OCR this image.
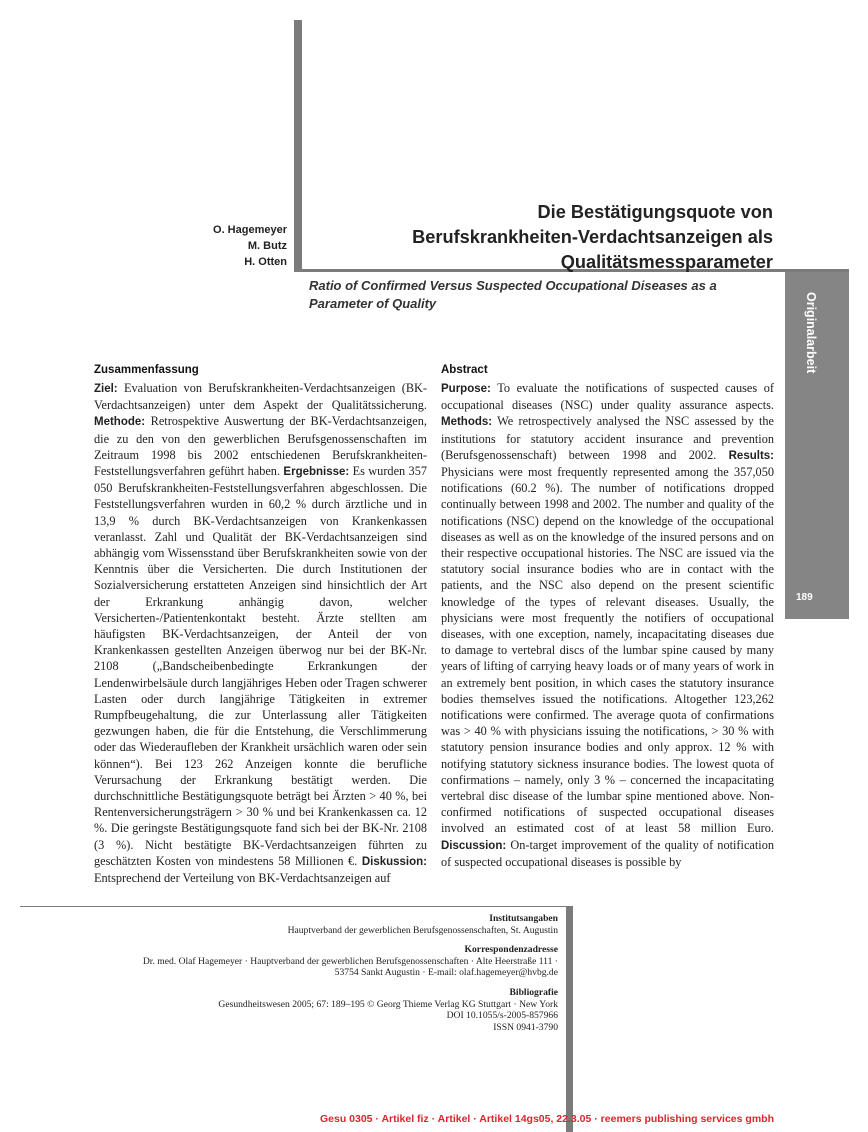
Originalarbeit
189
O. Hagemeyer
M. Butz
H. Otten
Die Bestätigungsquote von
Berufskrankheiten-Verdachtsanzeigen als
Qualitätsmessparameter
Ratio of Confirmed Versus Suspected Occupational Diseases as a Parameter of Quality
Zusammenfassung	Abstract
Ziel: Evaluation von Berufskrankheiten-Verdachtsanzeigen (BK-Verdachtsanzeigen) unter dem Aspekt der Qualitätssicherung. Methode: Retrospektive Auswertung der BK-Verdachtsanzeigen, die zu den von den gewerblichen Berufsgenossenschaften im Zeitraum 1998 bis 2002 entschiedenen Berufskrankheiten-Feststellungsverfahren geführt haben. Ergebnisse: Es wurden 357 050 Berufskrankheiten-Feststellungsverfahren abgeschlossen. Die Feststellungsverfahren wurden in 60,2 % durch ärztliche und in 13,9 % durch BK-Verdachtsanzeigen von Krankenkassen veranlasst. Zahl und Qualität der BK-Verdachtsanzeigen sind abhängig vom Wissensstand über Berufskrankheiten sowie von der Kenntnis über die Versicherten. Die durch Institutionen der Sozialversicherung erstatteten Anzeigen sind hinsichtlich der Art der Erkrankung anhängig davon, welcher Versicherten-/Patientenkontakt besteht. Ärzte stellten am häufigsten BK-Verdachtsanzeigen, der Anteil der von Krankenkassen gestellten Anzeigen überwog nur bei der BK-Nr. 2108 („Bandscheibenbedingte Erkrankungen der Lendenwirbelsäule durch langjähriges Heben oder Tragen schwerer Lasten oder durch langjährige Tätigkeiten in extremer Rumpfbeugehaltung, die zur Unterlassung aller Tätigkeiten gezwungen haben, die für die Entstehung, die Verschlimmerung oder das Wiederaufleben der Krankheit ursächlich waren oder sein können“). Bei 123 262 Anzeigen konnte die berufliche Verursachung der Erkrankung bestätigt werden. Die durchschnittliche Bestätigungsquote beträgt bei Ärzten > 40 %, bei Rentenversicherungsträgern > 30 % und bei Krankenkassen ca. 12 %. Die geringste Bestätigungsquote fand sich bei der BK-Nr. 2108 (3 %). Nicht bestätigte BK-Verdachtsanzeigen führten zu geschätzten Kosten von mindestens 58 Millionen €. Diskussion: Entsprechend der Verteilung von BK-Verdachtsanzeigen auf
Purpose: To evaluate the notifications of suspected causes of occupational diseases (NSC) under quality assurance aspects. Methods: We retrospectively analysed the NSC assessed by the institutions for statutory accident insurance and prevention (Berufsgenossenschaft) between 1998 and 2002. Results: Physicians were most frequently represented among the 357,050 notifications (60.2 %). The number of notifications dropped continually between 1998 and 2002. The number and quality of the notifications (NSC) depend on the knowledge of the occupational diseases as well as on the knowledge of the insured persons and on their respective occupational histories. The NSC are issued via the statutory social insurance bodies who are in contact with the patients, and the NSC also depend on the present scientific knowledge of the types of relevant diseases. Usually, the physicians were most frequently the notifiers of occupational diseases, with one exception, namely, incapacitating diseases due to damage to vertebral discs of the lumbar spine caused by many years of lifting of carrying heavy loads or of many years of work in an extremely bent position, in which cases the statutory insurance bodies themselves issued the notifications. Altogether 123,262 notifications were confirmed. The average quota of confirmations was > 40 % with physicians issuing the notifications, > 30 % with statutory pension insurance bodies and only approx. 12 % with notifying statutory sickness insurance bodies. The lowest quota of confirmations – namely, only 3 % – concerned the incapacitating vertebral disc disease of the lumbar spine mentioned above. Non-confirmed notifications of suspected occupational diseases involved an estimated cost of at least 58 million Euro. Discussion: On-target improvement of the quality of notification of suspected occupational diseases is possible by
Institutsangaben
Hauptverband der gewerblichen Berufsgenossenschaften, St. Augustin
Korrespondenzadresse
Dr. med. Olaf Hagemeyer · Hauptverband der gewerblichen Berufsgenossenschaften · Alte Heerstraße 111 ·
53754 Sankt Augustin · E-mail: olaf.hagemeyer@hvbg.de
Bibliografie
Gesundheitswesen 2005; 67: 189–195 © Georg Thieme Verlag KG Stuttgart · New York
DOI 10.1055/s-2005-857966
ISSN 0941-3790
Gesu 0305 · Artikel fiz · Artikel · Artikel 14gs05, 22.3.05 · reemers publishing services gmbh
